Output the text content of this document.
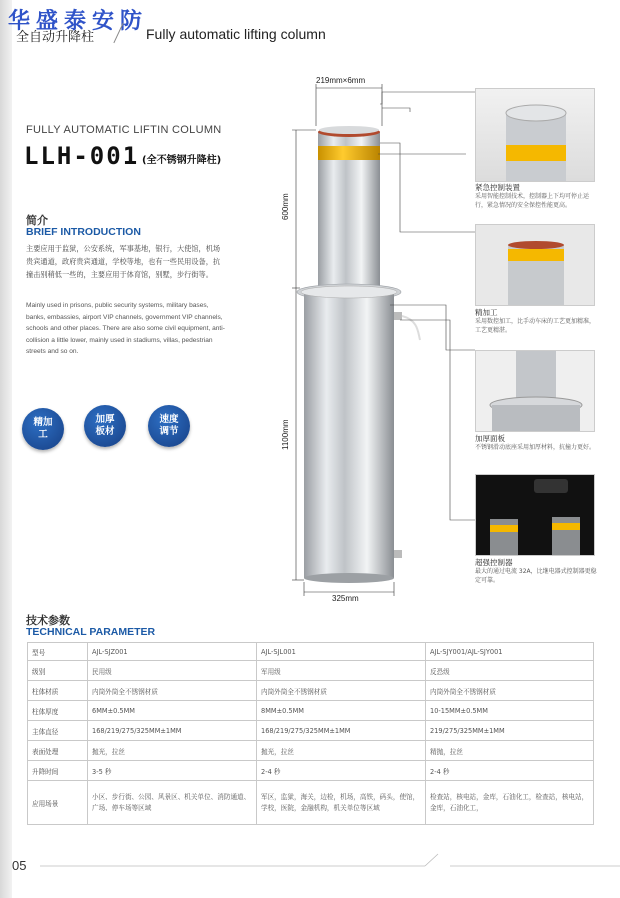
华盛泰安防
全自动升降柱	Fully automatic lifting column
FULLY AUTOMATIC LIFTIN COLUMN
LLH-001 (全不锈钢升降柱)
简介
BRIEF INTRODUCTION
主要应用于监狱，公安系统，军事基地，银行，大使馆，机场贵宾通道，政府贵宾通道，学校等地，也有一些民用设备，抗撞击别稍低一些的，主要应用于体育馆，别墅，步行街等。
Mainly used in prisons, public security systems, military bases, banks, embassies, airport VIP channels, government VIP channels, schools and other places. There are also some civil equipment, anti-collision a little lower, mainly used in stadiums, villas, pedestrian streets and so on.
精加工
加厚板材
速度调节
219mm×6mm
600mm
1100mm
325mm
紧急控制装置
采用智能控制技术，控制器上下均可停止运行，紧急情况的安全保控性能更高。
精加工
采用数控加工，比手动车床的工艺更加精准，工艺更精湛。
加厚面板
不锈钢滑动底座采用加厚材料，抗撞力更好。
超强控制器
最大的通过电流 32A，比继电器式控制器更稳定可靠。
技术参数
TECHNICAL PARAMETER
型号	AJL-SJZ001	AJL-SJL001	AJL-SJY001/AJL-SJY001
级别	民用级	军用级	反恐级
柱体材质	内筒外筒全不锈钢材质	内筒外筒全不锈钢材质	内筒外筒全不锈钢材质
柱体厚度	6MM±0.5MM	8MM±0.5MM	10-15MM±0.5MM
主体直径	168/219/275/325MM±1MM	168/219/275/325MM±1MM	219/275/325MM±1MM
表面处理	抛光，拉丝	抛光，拉丝	精抛，拉丝
升降时间	3-5 秒	2-4 秒	2-4 秒
应用场景	小区、步行街、公园、风景区、机关单位、消防通道、广场、停车场等区域	军区，监狱，海关，边检，机场，高铁，码头，使馆，学校，医院，金融机构，机关单位等区域	检查站，核电站，金库，石油化工，检查站，核电站，金库，石油化工，
05
